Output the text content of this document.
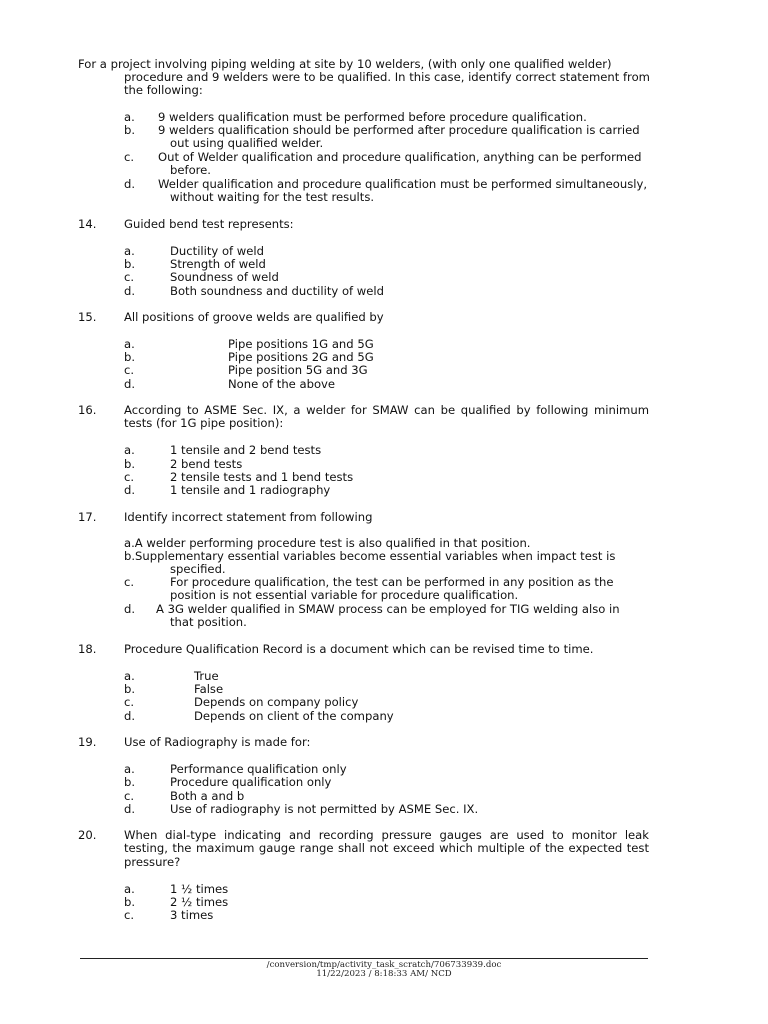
For a project involving piping welding at site by 10 welders, (with only one qualified welder)
procedure and 9 welders were to be qualified. In this case, identify correct statement from the following:
a. 9 welders qualification must be performed before procedure qualification.
b. 9 welders qualification should be performed after procedure qualification is carried
out using qualified welder.
c. Out of Welder qualification and procedure qualification, anything can be performed
before.
d. Welder qualification and procedure qualification must be performed simultaneously,
without waiting for the test results.
14. Guided bend test represents:
a.	Ductility of weld
b.	Strength of weld
c.	Soundness of weld
d.	Both soundness and ductility of weld
15. All positions of groove welds are qualified by
a.	Pipe positions 1G and 5G
b.	Pipe positions 2G and 5G
c.	Pipe position 5G and 3G
d.	None of the above
16. According to ASME Sec. IX, a welder for SMAW can be qualified by following minimum tests (for 1G pipe position):
a.	1 tensile and 2 bend tests
b.	2 bend tests
c.	2 tensile tests and 1 bend tests
d.	1 tensile and 1 radiography
17. Identify incorrect statement from following
a.A welder performing procedure test is also qualified in that position.
b.Supplementary essential variables become essential variables when impact test is
specified.
c.	For procedure qualification, the test can be performed in any position as the
position is not essential variable for procedure qualification.
d. A 3G welder qualified in SMAW process can be employed for TIG welding also in
that position.
18. Procedure Qualification Record is a document which can be revised time to time.
a.	True
b.	False
c.	Depends on company policy
d.	Depends on client of the company
19. Use of Radiography is made for:
a.	Performance qualification only
b.	Procedure qualification only
c.	Both a and b
d.	Use of radiography is not permitted by ASME Sec. IX.
20. When dial-type indicating and recording pressure gauges are used to monitor leak testing, the maximum gauge range shall not exceed which multiple of the expected test pressure?
a.	1 ½ times
b.	2 ½ times
c.	3 times
/conversion/tmp/activity_task_scratch/706733939.doc
11/22/2023 / 8:18:33 AM/ NCD
